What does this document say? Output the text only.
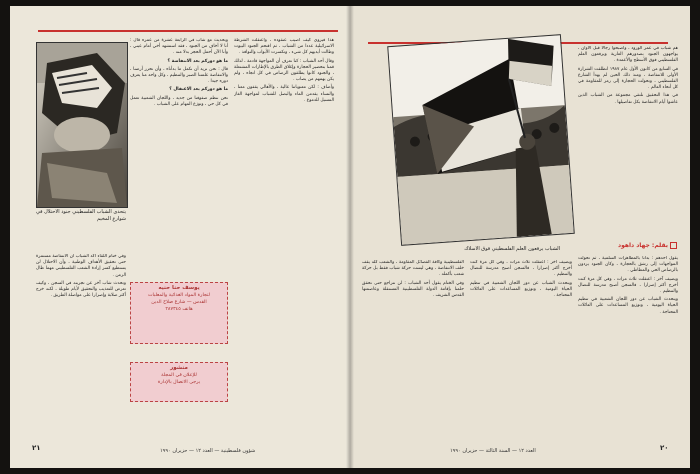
يتحدى الشباب الفلسطيني جنود الاحتلال في شوارع المخيم

وبحديث مع شاب في الرابعة عشرة من عمره قال : أنا لا أخاف من الجنود ، فقد استشهد أخي أمام عيني ، وأنا الآن أحمل الحجر بدلا منه .

ما هو دوركم بعد الانتفاضة ؟

قال : نحن نريد أن نكمل ما بدأناه ، وأن نحرر أرضنا ، والانتفاضة علمتنا الصبر والتنظيم ، وكل واحد منا يعرف دوره جيدا .

ما هو دوركم بعد الاعتقال ؟

نحن ننظم صفوفنا من جديد ، واللجان الشعبية تعمل في كل حي ، وتوزع المهام على الشباب .

هذا فيروي كيف أصيب عنقوده ، واعتقلت الشرطة الاسرائيلية عددا من الشباب ، ثم اقتحم الجنود البيوت وطالت أيديهم كل شيء ، وتكسرت الأبواب والنوافذ .

وقال أحد الشباب : كنا نعرف أن المواجهة قادمة ، لذلك قمنا بتحضير الحجارة وإغلاق الطرق بالإطارات المشتعلة ، والجنود كانوا يطلقون الرصاص في كل اتجاه ، ولم يكن يهمهم من يصاب .

وأضاف : لكن معنوياتنا عالية ، والأهالي يقفون معنا ، والنساء يقدمن الماء والبصل للشباب لمواجهة الغاز المسيل للدموع .

وفي ختام اللقاء أكد الشباب أن الانتفاضة مستمرة حتى تحقيق الأهداف الوطنية ، وأن الاحتلال لن يستطيع كسر إرادة الشعب الفلسطيني مهما طال الزمن .

وتحدث شاب آخر عن تجربته في السجن ، وكيف تعرض للتعذيب والتحقيق لأيام طويلة ، لكنه خرج أكثر صلابة وإصرارا على مواصلة الطريق .

يوسف حنا حنيه
لتجارة المواد الغذائية والمعلبات
القدس — شارع صلاح الدين
هاتف ٢٨٧٣٤٥
منشور
للإعلان في المجلة
يرجى الاتصال بالإدارة
شؤون فلسطينية — العدد ١٢ — حزيران ١٩٩٠
٢١
الشباب يرفعون العلم الفلسطيني فوق الأسلاك

هم شباب في عمر الورود ، وأصبحوا رجالا قبل الأوان ، يواجهون الجنود بصدورهم العارية ويرفعون العلم الفلسطيني فوق الأسطح والأعمدة .

في السابع من كانون الأول عام ١٩٨٧ انطلقت الشرارة الأولى للانتفاضة ، ومنذ ذلك الحين لم يهدأ الشارع الفلسطيني ، وتحولت الحجارة إلى رمز للمقاومة في كل أنحاء العالم .

في هذا التحقيق نلتقي مجموعة من الشباب الذين عاشوا أيام الانتفاضة بكل تفاصيلها .

بقلم: جهاد داهود

يقول أحدهم : بدأنا بالمظاهرات السلمية ، ثم تحولت المواجهات إلى رشق بالحجارة ، وكان الجنود يردون بالرصاص الحي والمطاطي .

ويضيف آخر : اعتقلت ثلاث مرات ، وفي كل مرة كنت أخرج أكثر إصرارا ، فالسجن أصبح مدرسة للنضال والتنظيم .

ويتحدث الشباب عن دور اللجان الشعبية في تنظيم الحياة اليومية ، وتوزيع المساعدات على العائلات المحتاجة .

ويضيف آخر : اعتقلت ثلاث مرات ، وفي كل مرة كنت أخرج أكثر إصرارا ، فالسجن أصبح مدرسة للنضال والتنظيم .

ويتحدث الشباب عن دور اللجان الشعبية في تنظيم الحياة اليومية ، وتوزيع المساعدات على العائلات المحتاجة .

الفلسطينية وكافة الفصائل المقاومة ، والشعب كله يقف خلف الانتفاضة ، وهي ليست حركة شباب فقط بل حركة شعب بأكمله .

وفي الختام يقول أحد الشباب : لن نتراجع حتى نحقق حلمنا بإقامة الدولة الفلسطينية المستقلة وعاصمتها القدس الشريف .

العدد ١٢ — السنة الثالثة — حزيران ١٩٩٠	٢٠
